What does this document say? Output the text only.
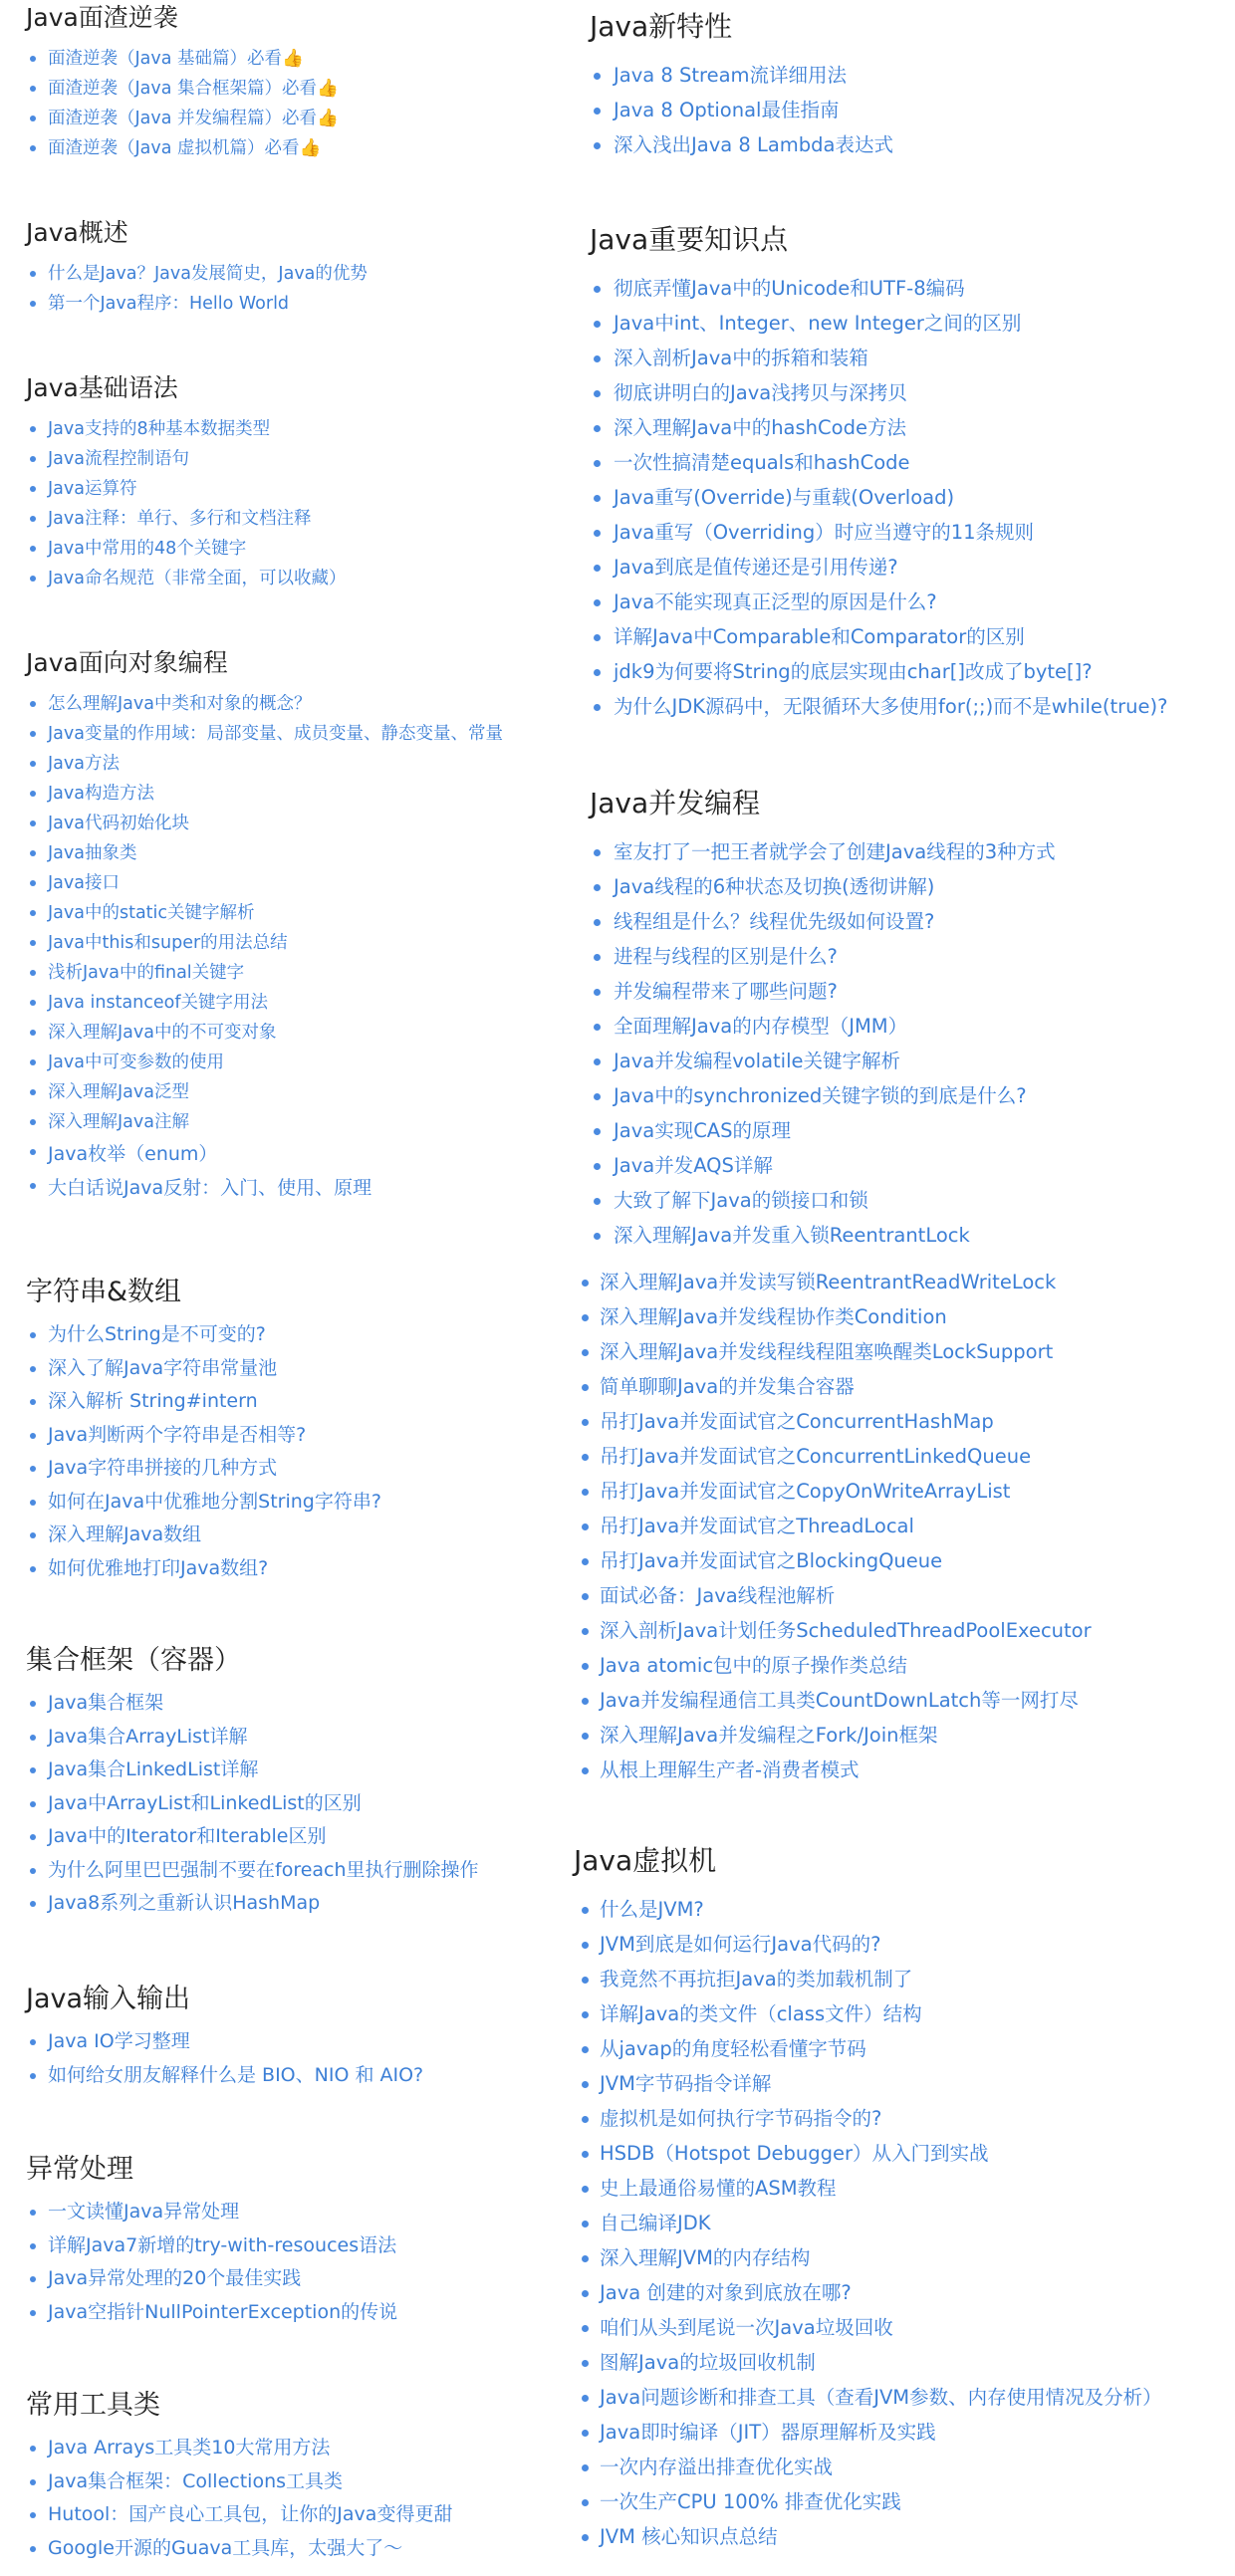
Java面渣逆袭
面渣逆袭（Java 基础篇）必看👍
面渣逆袭（Java 集合框架篇）必看👍
面渣逆袭（Java 并发编程篇）必看👍
面渣逆袭（Java 虚拟机篇）必看👍
Java概述
什么是Java？Java发展简史，Java的优势
第一个Java程序：Hello World
Java基础语法
Java支持的8种基本数据类型
Java流程控制语句
Java运算符
Java注释：单行、多行和文档注释
Java中常用的48个关键字
Java命名规范（非常全面，可以收藏）
Java面向对象编程
怎么理解Java中类和对象的概念？
Java变量的作用域：局部变量、成员变量、静态变量、常量
Java方法
Java构造方法
Java代码初始化块
Java抽象类
Java接口
Java中的static关键字解析
Java中this和super的用法总结
浅析Java中的final关键字
Java instanceof关键字用法
深入理解Java中的不可变对象
Java中可变参数的使用
深入理解Java泛型
深入理解Java注解
Java枚举（enum）
大白话说Java反射：入门、使用、原理
字符串&数组
为什么String是不可变的?
深入了解Java字符串常量池
深入解析 String#intern
Java判断两个字符串是否相等?
Java字符串拼接的几种方式
如何在Java中优雅地分割String字符串?
深入理解Java数组
如何优雅地打印Java数组?
集合框架（容器）
Java集合框架
Java集合ArrayList详解
Java集合LinkedList详解
Java中ArrayList和LinkedList的区别
Java中的Iterator和Iterable区别
为什么阿里巴巴强制不要在foreach里执行删除操作
Java8系列之重新认识HashMap
Java输入输出
Java IO学习整理
如何给女朋友解释什么是 BIO、NIO 和 AIO?
异常处理
一文读懂Java异常处理
详解Java7新增的try-with-resouces语法
Java异常处理的20个最佳实践
Java空指针NullPointerException的传说
常用工具类
Java Arrays工具类10大常用方法
Java集合框架：Collections工具类
Hutool：国产良心工具包，让你的Java变得更甜
Google开源的Guava工具库，太强大了～
Java新特性
Java 8 Stream流详细用法
Java 8 Optional最佳指南
深入浅出Java 8 Lambda表达式
Java重要知识点
彻底弄懂Java中的Unicode和UTF-8编码
Java中int、Integer、new Integer之间的区别
深入剖析Java中的拆箱和装箱
彻底讲明白的Java浅拷贝与深拷贝
深入理解Java中的hashCode方法
一次性搞清楚equals和hashCode
Java重写(Override)与重载(Overload)
Java重写（Overriding）时应当遵守的11条规则
Java到底是值传递还是引用传递?
Java不能实现真正泛型的原因是什么?
详解Java中Comparable和Comparator的区别
jdk9为何要将String的底层实现由char[]改成了byte[]?
为什么JDK源码中，无限循环大多使用for(;;)而不是while(true)?
Java并发编程
室友打了一把王者就学会了创建Java线程的3种方式
Java线程的6种状态及切换(透彻讲解)
线程组是什么？线程优先级如何设置?
进程与线程的区别是什么?
并发编程带来了哪些问题?
全面理解Java的内存模型（JMM）
Java并发编程volatile关键字解析
Java中的synchronized关键字锁的到底是什么?
Java实现CAS的原理
Java并发AQS详解
大致了解下Java的锁接口和锁
深入理解Java并发重入锁ReentrantLock
深入理解Java并发读写锁ReentrantReadWriteLock
深入理解Java并发线程协作类Condition
深入理解Java并发线程线程阻塞唤醒类LockSupport
简单聊聊Java的并发集合容器
吊打Java并发面试官之ConcurrentHashMap
吊打Java并发面试官之ConcurrentLinkedQueue
吊打Java并发面试官之CopyOnWriteArrayList
吊打Java并发面试官之ThreadLocal
吊打Java并发面试官之BlockingQueue
面试必备：Java线程池解析
深入剖析Java计划任务ScheduledThreadPoolExecutor
Java atomic包中的原子操作类总结
Java并发编程通信工具类CountDownLatch等一网打尽
深入理解Java并发编程之Fork/Join框架
从根上理解生产者-消费者模式
Java虚拟机
什么是JVM?
JVM到底是如何运行Java代码的?
我竟然不再抗拒Java的类加载机制了
详解Java的类文件（class文件）结构
从javap的角度轻松看懂字节码
JVM字节码指令详解
虚拟机是如何执行字节码指令的?
HSDB（Hotspot Debugger）从入门到实战
史上最通俗易懂的ASM教程
自己编译JDK
深入理解JVM的内存结构
Java 创建的对象到底放在哪?
咱们从头到尾说一次Java垃圾回收
图解Java的垃圾回收机制
Java问题诊断和排查工具（查看JVM参数、内存使用情况及分析）
Java即时编译（JIT）器原理解析及实践
一次内存溢出排查优化实战
一次生产CPU 100% 排查优化实践
JVM 核心知识点总结
